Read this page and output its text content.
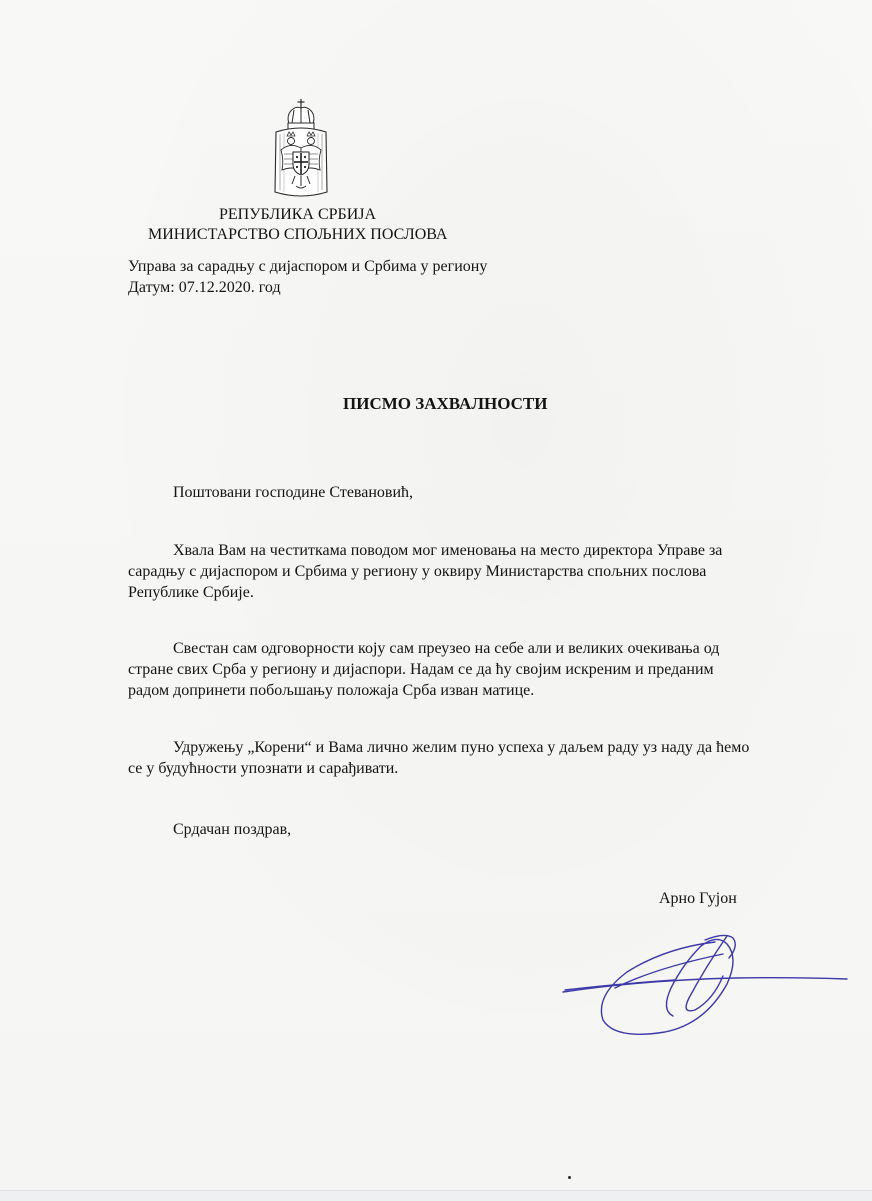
РЕПУБЛИКА СРБИЈА
МИНИСТАРСТВО СПОЉНИХ ПОСЛОВА
Управа за сарадњу с дијаспором и Србима у региону
Датум: 07.12.2020. год
ПИСМО ЗАХВАЛНОСТИ

Поштовани господине Стевановић,

Хвала Вам на честиткама поводом мог именовања на место директора Управе за

сарадњу с дијаспором и Србима у региону у оквиру Министарства спољних послова

Републике Србије.

Свестан сам одговорности коју сам преузео на себе али и великих очекивања од

стране свих Срба у региону и дијаспори. Надам се да ћу својим искреним и преданим

радом допринети побољшању положаја Срба изван матице.

Удружењу „Корени“ и Вама лично желим пуно успеха у даљем раду уз наду да ћемо

се у будућности упознати и сарађивати.

Срдачан поздрав,

Арно Гујон
